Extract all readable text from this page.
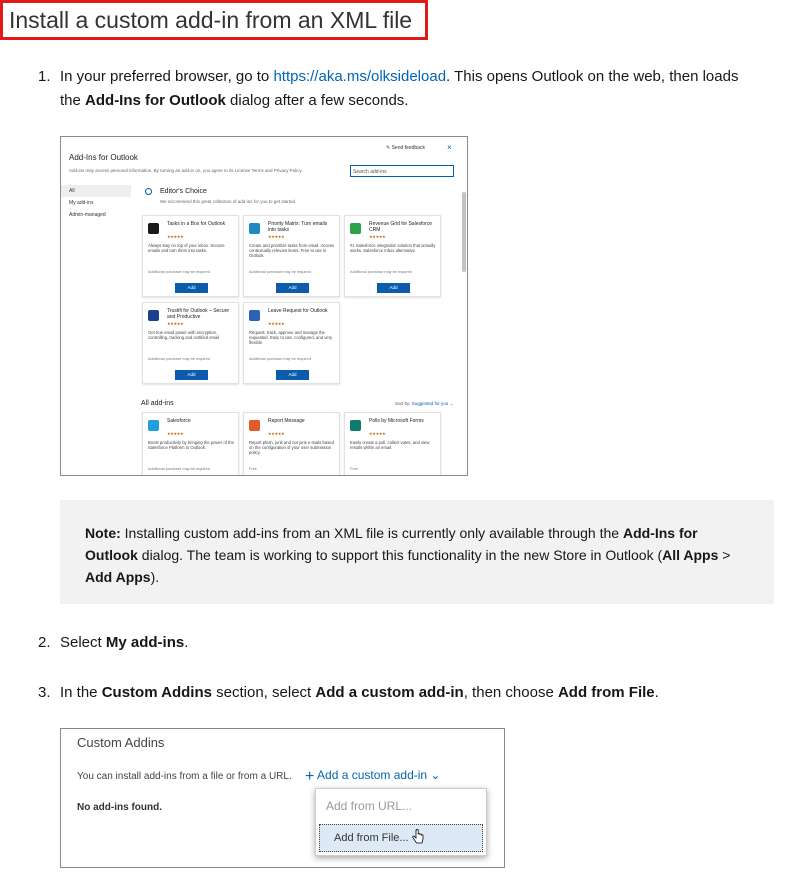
Install a custom add-in from an XML file
1. In your preferred browser, go to https://aka.ms/olksideload. This opens Outlook on the web, then loads the Add-Ins for Outlook dialog after a few seconds.
✎ Send feedback	×
Add-Ins for Outlook
Add-ins may access personal information. By turning an add-in on, you agree to its License Terms and Privacy Policy.	Search add-ins
All
My add-ins
Admin-managed
Editor's Choice
We recommend this great collection of add-ins for you to get started.
Tasks in a Box for Outlook
★★★★★
Always stay on top of your inbox. Snooze emails and turn them into tasks.
Additional purchase may be required
Add
Priority Matrix: Turn emails into tasks
★★★★★
Create and prioritize tasks from email. Access contextually relevant items. Free to use in Outlook.
Additional purchase may be required
Add
Revenue Grid for Salesforce CRM
★★★★★
#1 Salesforce integration solution that actually works. Salesforce Inbox alternative
Additional purchase may be required
Add
Trustifi for Outlook – Secure and Productive
★★★★★
Get true email power with encryption, controlling, tracking and certified email.
Additional purchase may be required
Add
Leave Request for Outlook
★★★★★
Request, track, approve and manage the requested. Easy to use, configured, and very flexible
Additional purchase may be required
Add
All add-ins	Sort by: Suggested for you ⌄
Salesforce
★★★★★
Boost productivity by bringing the power of the Salesforce Platform to Outlook.
Additional purchase may be required
Report Message
★★★★★
Report phish, junk and not junk e-mails based on the configuration of your user submission policy.
Free
Polls by Microsoft Forms
★★★★★
Easily create a poll, collect votes, and view results within an email.
Free
Note: Installing custom add-ins from an XML file is currently only available through the Add-Ins for Outlook dialog. The team is working to support this functionality in the new Store in Outlook (All Apps > Add Apps).
2. Select My add-ins.
3. In the Custom Addins section, select Add a custom add-in, then choose Add from File.
Custom Addins
You can install add-ins from a file or from a URL. + Add a custom add-in ⌄
No add-ins found.	Add from URL...
Add from File...
